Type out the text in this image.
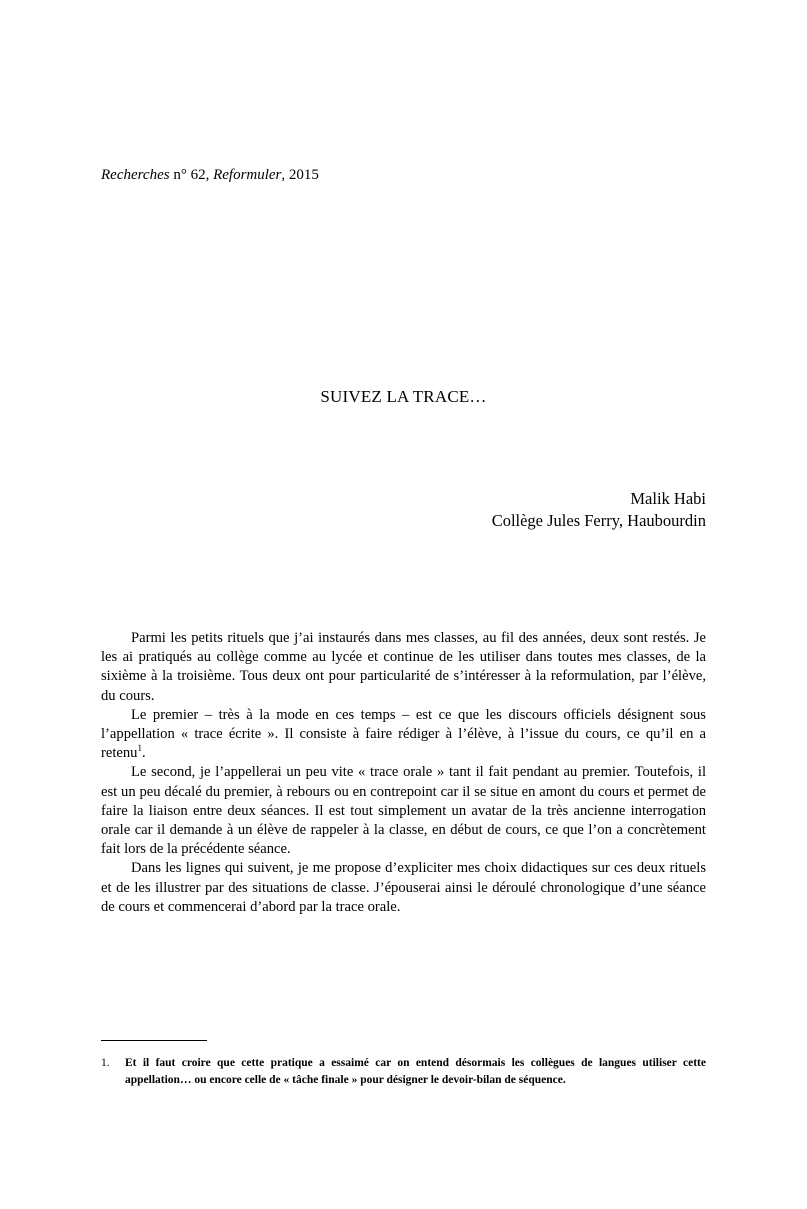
Recherches n° 62, Reformuler, 2015
SUIVEZ LA TRACE…
Malik Habi
Collège Jules Ferry, Haubourdin

Parmi les petits rituels que j’ai instaurés dans mes classes, au fil des années, deux sont restés. Je les ai pratiqués au collège comme au lycée et continue de les utiliser dans toutes mes classes, de la sixième à la troisième. Tous deux ont pour particularité de s’intéresser à la reformulation, par l’élève, du cours.

Le premier – très à la mode en ces temps – est ce que les discours officiels désignent sous l’appellation « trace écrite ». Il consiste à faire rédiger à l’élève, à l’issue du cours, ce qu’il en a retenu$^1$.

Le second, je l’appellerai un peu vite « trace orale » tant il fait pendant au premier. Toutefois, il est un peu décalé du premier, à rebours ou en contrepoint car il se situe en amont du cours et permet de faire la liaison entre deux séances. Il est tout simplement un avatar de la très ancienne interrogation orale car il demande à un élève de rappeler à la classe, en début de cours, ce que l’on a concrètement fait lors de la précédente séance.

Dans les lignes qui suivent, je me propose d’expliciter mes choix didactiques sur ces deux rituels et de les illustrer par des situations de classe. J’épouserai ainsi le déroulé chronologique d’une séance de cours et commencerai d’abord par la trace orale.

1. Et il faut croire que cette pratique a essaimé car on entend désormais les collègues de langues utiliser cette appellation… ou encore celle de « tâche finale » pour désigner le devoir-bilan de séquence.
